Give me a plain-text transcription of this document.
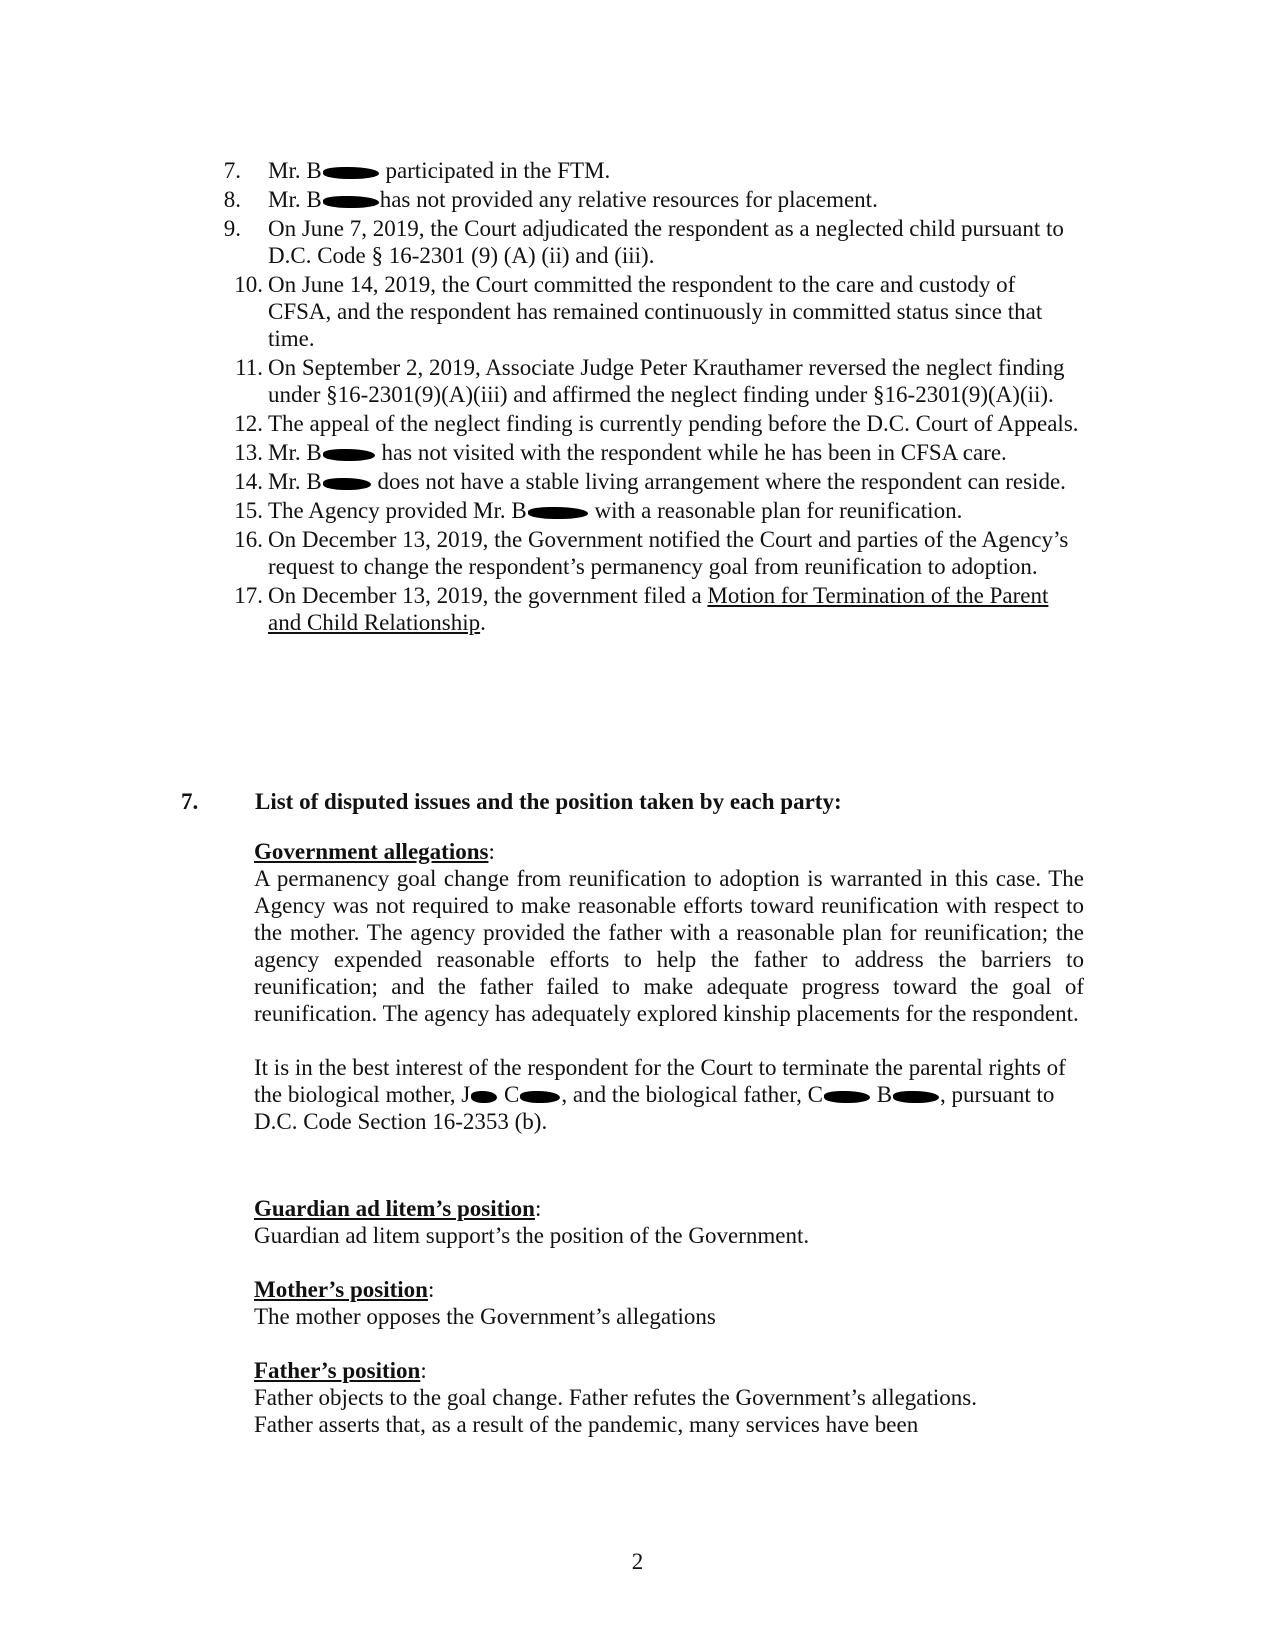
7. Mr. B	participated in the FTM.
8. Mr. B	has not provided any relative resources for placement.
9. On June 7, 2019, the Court adjudicated the respondent as a neglected child pursuant to D.C. Code § 16-2301 (9) (A) (ii) and (iii).
10. On June 14, 2019, the Court committed the respondent to the care and custody of CFSA, and the respondent has remained continuously in committed status since that time.
11. On September 2, 2019, Associate Judge Peter Krauthamer reversed the neglect finding under §16-2301(9)(A)(iii) and affirmed the neglect finding under §16-2301(9)(A)(ii).
12. The appeal of the neglect finding is currently pending before the D.C. Court of Appeals.
13. Mr. B has not visited with the respondent while he has been in CFSA care.
14. Mr. B does not have a stable living arrangement where the respondent can reside.
15. The Agency provided Mr. B	with a reasonable plan for reunification.
16. On December 13, 2019, the Government notified the Court and parties of the Agency’s request to change the respondent’s permanency goal from reunification to adoption.
17. On December 13, 2019, the government filed a Motion for Termination of the Parent and Child Relationship.
7. List of disputed issues and the position taken by each party:
Government allegations:
A permanency goal change from reunification to adoption is warranted in this case. The Agency was not required to make reasonable efforts toward reunification with respect to the mother. The agency provided the father with a reasonable plan for reunification; the agency expended reasonable efforts to help the father to address the barriers to reunification; and the father failed to make adequate progress toward the goal of reunification. The agency has adequately explored kinship placements for the respondent.
It is in the best interest of the respondent for the Court to terminate the parental rights of the biological mother, J C , and the biological father, C B , pursuant to D.C. Code Section 16-2353 (b).
Guardian ad litem’s position:
Guardian ad litem support’s the position of the Government.
Mother’s position:
The mother opposes the Government’s allegations
Father’s position:
Father objects to the goal change. Father refutes the Government’s allegations.
Father asserts that, as a result of the pandemic, many services have been
2
